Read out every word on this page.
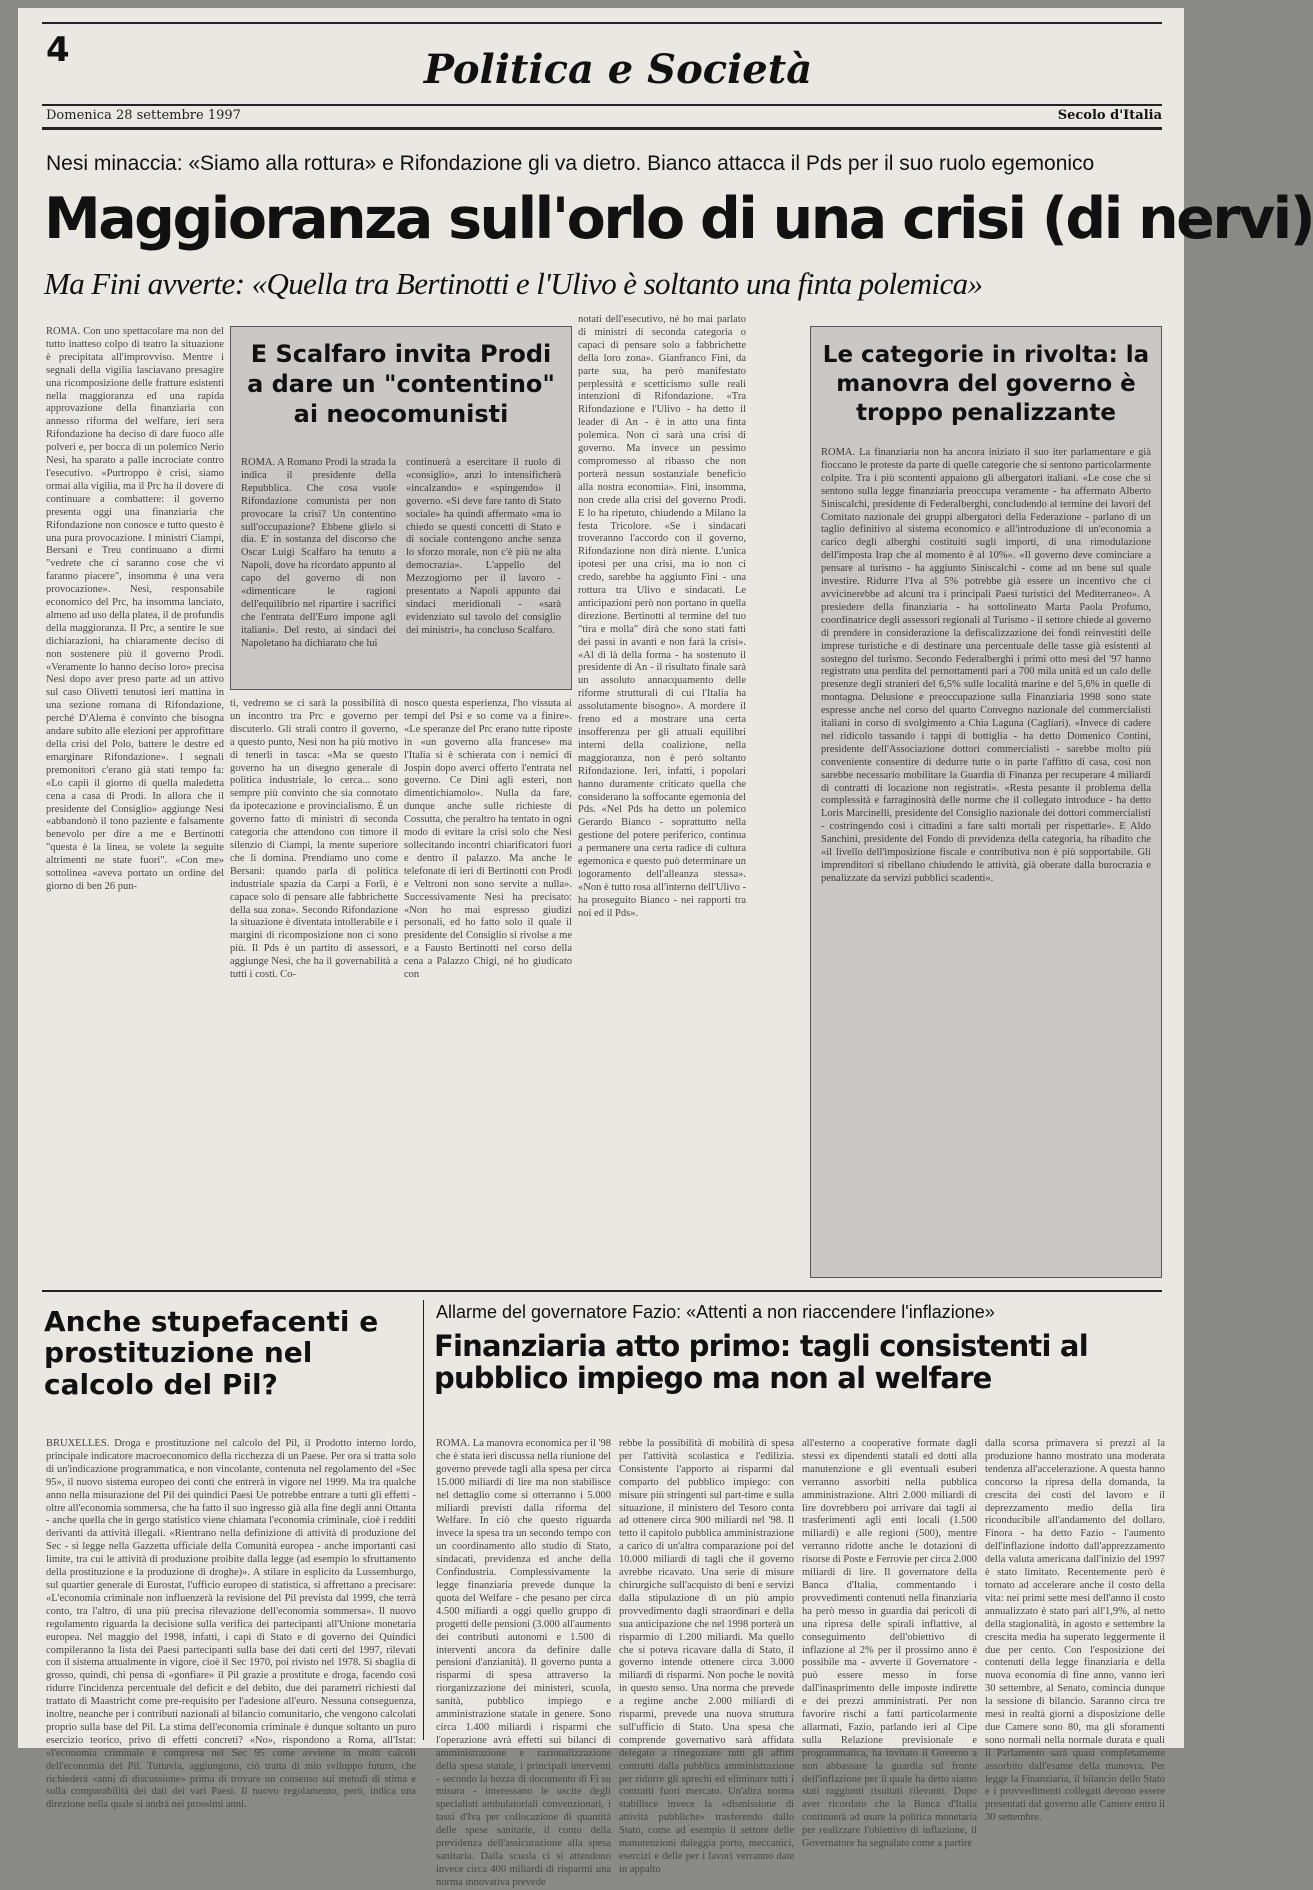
4	Politica e Società
Domenica 28 settembre 1997	Secolo d'Italia
Nesi minaccia: «Siamo alla rottura» e Rifondazione gli va dietro. Bianco attacca il Pds per il suo ruolo egemonico
Maggioranza sull'orlo di una crisi (di nervi)
Ma Fini avverte: «Quella tra Bertinotti e l'Ulivo è soltanto una finta polemica»
ROMA. Con uno spettacolare ma non del tutto inatteso colpo di teatro la situazione è precipitata all'improvviso. Mentre i segnali della vigilia lasciavano presagire una ricomposizione delle fratture esistenti nella maggioranza ed una rapida approvazione della finanziaria con annesso riforma del welfare, ieri sera Rifondazione ha deciso di dare fuoco alle polveri e, per bocca di un polemico Nerio Nesi, ha sparato a palle incrociate contro l'esecutivo. «Purtroppo è crisi, siamo ormai alla vigilia, ma il Prc ha il dovere di continuare a combattere: il governo presenta oggi una finanziaria che Rifondazione non conosce e tutto questo è una pura provocazione. I ministri Ciampi, Bersani e Treu continuano a dirmi "vedrete che ci saranno cose che vi faranno piacere", insomma è una vera provocazione». Nesi, responsabile economico del Prc, ha insomma lanciato, almeno ad uso della platea, il de profundis della maggioranza. Il Prc, a sentire le sue dichiarazioni, ha chiaramente deciso di non sostenere più il governo Prodi. «Veramente lo hanno deciso loro» precisa Nesi dopo aver preso parte ad un attivo sul caso Olivetti tenutosi ieri mattina in una sezione romana di Rifondazione, perché D'Alema è convinto che bisogna andare subito alle elezioni per approfittare della crisi del Polo, battere le destre ed emarginare Rifondazione». I segnali premonitori c'erano già stati tempo fa: «Lo capii il giorno di quella maledetta cena a casa di Prodi. In allora che il presidente del Consiglio» aggiunge Nesi «abbandonò il tono paziente e falsamente benevolo per dire a me e Bertinotti "questa è la linea, se volete la seguite altrimenti ne state fuori". «Con me» sottolinea «aveva portato un ordine del giorno di ben 26 pun-
ti, vedremo se ci sarà la possibilità di un incontro tra Prc e governo per discuterlo. Gli strali contro il governo, a questo punto, Nesi non ha più motivo di tenerli in tasca: «Ma se questo governo ha un disegno generale di politica industriale, lo cerca... sono sempre più convinto che sia connotato da ipotecazione e provincialismo. È un governo fatto di ministri di seconda categoria che attendono con timore il silenzio di Ciampi, la mente superiore che li domina. Prendiamo uno come Bersani: quando parla di politica industriale spazia da Carpi a Forlì, è capace solo di pensare alle fabbrichette della sua zona». Secondo Rifondazione la situazione è diventata intollerabile e i margini di ricomposizione non ci sono più. Il Pds è un partito di assessori, aggiunge Nesi, che ha il governabilità a tutti i costi. Co-
nosco questa esperienza, l'ho vissuta ai tempi del Psi e so come va a finire». «Le speranze del Prc erano tutte riposte in «un governo alla francese» ma l'Italia si è schierata con i nemici di Jospin dopo averci offerto l'entrata nel governo. Ce Dini agli esteri, non dimentichiamolo». Nulla da fare, dunque anche sulle richieste di Cossutta, che peraltro ha tentato in ogni modo di evitare la crisi solo che Nesi sollecitando incontri chiarificatori fuori e dentro il palazzo. Ma anche le telefonate di ieri di Bertinotti con Prodi e Veltroni non sono servite a nulla». Successivamente Nesi ha precisato: «Non ho mai espresso giudizi personali, ed ho fatto solo il quale il presidente del Consiglio si rivolse a me e a Fausto Bertinotti nel corso della cena a Palazzo Chigi, né ho giudicato con
notati dell'esecutivo, né ho mai parlato di ministri di seconda categoria o capaci di pensare solo a fabbrichette della loro zona». Gianfranco Fini, da parte sua, ha però manifestato perplessità e scetticismo sulle reali intenzioni di Rifondazione. «Tra Rifondazione e l'Ulivo - ha detto il leader di An - è in atto una finta polemica. Non ci sarà una crisi di governo. Ma invece un pessimo compromesso al ribasso che non porterà nessun sostanziale beneficio alla nostra economia». Fini, insomma, non crede alla crisi del governo Prodi. E lo ha ripetuto, chiudendo a Milano la festa Tricolore. «Se i sindacati troveranno l'accordo con il governo, Rifondazione non dirà niente. L'unica ipotesi per una crisi, ma io non ci credo, sarebbe ha aggiunto Fini - una rottura tra Ulivo e sindacati. Le anticipazioni però non portano in quella direzione. Bertinotti al termine del tuo "tira e molla" dirà che sono stati fatti dei passi in avanti e non farà la crisi». «Al di là della forma - ha sostenuto il presidente di An - il risultato finale sarà un assoluto annacquamento delle riforme strutturali di cui l'Italia ha assolutamente bisogno». A mordere il freno ed a mostrare una certa insofferenza per gli attuali equilibri interni della coalizione, nella maggioranza, non è però soltanto Rifondazione. Ieri, infatti, i popolari hanno duramente criticato quella che considerano la soffocante egemonia del Pds. «Nel Pds ha detto un polemico Gerardo Bianco - soprattutto nella gestione del potere periferico, continua a permanere una certa radice di cultura egemonica e questo può determinare un logoramento dell'alleanza stessa». «Non è tutto rosa all'interno dell'Ulivo - ha proseguito Bianco - nei rapporti tra noi ed il Pds».
E Scalfaro invita Prodi a dare un "contentino" ai neocomunisti
ROMA. A Romano Prodi la strada la indica il presidente della Repubblica. Che cosa vuole Rifondazione comunista per non provocare la crisi? Un contentino sull'occupazione? Ebbene glielo si dia. E' in sostanza del discorso che Oscar Luigi Scalfaro ha tenuto a Napoli, dove ha ricordato appunto al capo del governo di non «dimenticare le ragioni dell'equilibrio nel ripartire i sacrifici che l'entrata dell'Euro impone agli italiani». Del resto, ai sindaci dei Napoletano ha dichiarato che lui
continuerà a esercitare il ruolo di «consiglio», anzi lo intensificherà «incalzando» e «spingendo» il governo. «Si deve fare tanto di Stato sociale» ha quindi affermato «ma io chiedo se questi concetti di Stato e di sociale contengono anche senza lo sforzo morale, non c'è più ne alta democrazia». L'appello del Mezzogiorno per il lavoro - presentato a Napoli appunto dai sindaci meridionali - «sarà evidenziato sul tavolo del consiglio dei ministri», ha concluso Scalfaro.
Le categorie in rivolta: la manovra del governo è troppo penalizzante
ROMA. La finanziaria non ha ancora iniziato il suo iter parlamentare e già fioccano le proteste da parte di quelle categorie che si sentono particolarmente colpite. Tra i più scontenti appaiono gli albergatori italiani. «Le cose che si sentono sulla legge finanziaria preoccupa veramente - ha affermato Alberto Siniscalchi, presidente di Federalberghi, concludendo al termine dei lavori del Comitato nazionale dei gruppi albergatori della Federazione - parlano di un taglio definitivo al sistema economico e all'introduzione di un'economia a carico degli alberghi costituiti sugli importi, di una rimodulazione dell'imposta Irap che al momento è al 10%». «Il governo deve cominciare a pensare al turismo - ha aggiunto Siniscalchi - come ad un bene sul quale investire. Ridurre l'Iva al 5% potrebbe già essere un incentivo che ci avvicinerebbe ad alcuni tra i principali Paesi turistici del Mediterraneo». A presiedere della finanziaria - ha sottolineato Marta Paola Profumo, coordinatrice degli assessori regionali al Turismo - il settore chiede al governo di prendere in considerazione la defiscalizzazione dei fondi reinvestiti delle imprese turistiche e di destinare una percentuale delle tasse già esistenti al sostegno del turismo. Secondo Federalberghi i primi otto mesi del '97 hanno registrato una perdita del pernottamenti pari a 700 mila unità ed un calo delle presenze degli stranieri del 6,5% sulle località marine e del 5,6% in quelle di montagna. Delusione e preoccupazione sulla Finanziaria 1998 sono state espresse anche nel corso del quarto Convegno nazionale del commercialisti italiani in corso di svolgimento a Chia Laguna (Cagliari). «Invece di cadere nel ridicolo tassando i tappi di bottiglia - ha detto Domenico Contini, presidente dell'Associazione dottori commercialisti - sarebbe molto più conveniente consentire di dedurre tutte o in parte l'affitto di casa, così non sarebbe necessario mobilitare la Guardia di Finanza per recuperare 4 miliardi di contratti di locazione non registrati». «Resta pesante il problema della complessità e farraginosità delle norme che il collegato introduce - ha detto Loris Marcinelli, presidente del Consiglio nazionale dei dottori commercialisti - costringendo così i cittadini a fare salti mortali per rispettarle». E Aldo Sanchini, presidente del Fondo di previdenza della categoria, ha ribadito che «il livello dell'imposizione fiscale e contributiva non è più sopportabile. Gli imprenditori si ribellano chiudendo le attività, già oberate dalla burocrazia e penalizzate da servizi pubblici scadenti».
Anche stupefacenti e prostituzione nel calcolo del Pil?
BRUXELLES. Droga e prostituzione nel calcolo del Pil, il Prodotto interno lordo, principale indicatore macroeconomico della ricchezza di un Paese. Per ora si tratta solo di un'indicazione programmatica, e non vincolante, contenuta nel regolamento del «Sec 95», il nuovo sistema europeo dei conti che entrerà in vigore nel 1999. Ma tra qualche anno nella misurazione del Pil dei quindici Paesi Ue potrebbe entrare a tutti gli effetti - oltre all'economia sommersa, che ha fatto il suo ingresso già alla fine degli anni Ottanta - anche quella che in gergo statistico viene chiamata l'economia criminale, cioè i redditi derivanti da attività illegali. «Rientrano nella definizione di attività di produzione del Sec - si legge nella Gazzetta ufficiale della Comunità europea - anche importanti casi limite, tra cui le attività di produzione proibite dalla legge (ad esempio lo sfruttamento della prostituzione e la produzione di droghe)». A stilare in esplicito da Lussemburgo, sul quartier generale di Eurostat, l'ufficio europeo di statistica, si affrettano a precisare: «L'economia criminale non influenzerà la revisione del Pil prevista dal 1999, che terrà conto, tra l'altro, di una più precisa rilevazione dell'economia sommersa». Il nuovo regolamento riguarda la decisione sulla verifica dei partecipanti all'Unione monetaria europea. Nel maggio del 1998, infatti, i capi di Stato e di governo dei Quindici compileranno la lista dei Paesi partecipanti sulla base dei dati certi del 1997, rilevati con il sistema attualmente in vigore, cioè il Sec 1970, poi rivisto nel 1978. Si sbaglia di grosso, quindi, chi pensa di «gonfiare» il Pil grazie a prostitute e droga, facendo così ridurre l'incidenza percentuale del deficit e del debito, due dei parametri richiesti dal trattato di Maastricht come pre-requisito per l'adesione all'euro. Nessuna conseguenza, inoltre, neanche per i contributi nazionali al bilancio comunitario, che vengono calcolati proprio sulla base del Pil. La stima dell'economia criminale è dunque soltanto un puro esercizio teorico, privo di effetti concreti? «No», rispondono a Roma, all'Istat: «l'economia criminale è compresa nel Sec 95 come avviene in molti calcoli dell'economia del Pil. Tuttavia, aggiungono, ciò tratta di mio sviluppo futuro, che richiederà «anni di discussione» prima di trovare un consenso sui metodi di stima e sulla comparabilità dei dati dei vari Paesi. Il nuovo regolamento, però, indica una direzione nella quale si andrà nei prossimi anni.
Allarme del governatore Fazio: «Attenti a non riaccendere l'inflazione»
Finanziaria atto primo: tagli consistenti al pubblico impiego ma non al welfare
ROMA. La manovra economica per il '98 che è stata ieri discussa nella riunione del governo prevede tagli alla spesa per circa 15.000 miliardi di lire ma non stabilisce nel dettaglio come si otterranno i 5.000 miliardi previsti dalla riforma del Welfare. In ciò che questo riguarda invece la spesa tra un secondo tempo con un coordinamento allo studio di Stato, sindacati, previdenza ed anche della Confindustria. Complessivamente la legge finanziaria prevede dunque la quota del Welfare - che pesano per circa 4.500 miliardi a oggi quello gruppo di progetti delle pensioni (3.000 all'aumento dei contributi autonomi e 1.500 di interventi ancora da definire dalle pensioni d'anzianità). Il governo punta a risparmi di spesa attraverso la riorganizzazione dei ministeri, scuola, sanità, pubblico impiego e amministrazione statale in genere. Sono circa 1.400 miliardi i risparmi che l'operazione avrà effetti sui bilanci di amministrazione e razionalizzazione della spesa statale, i principali interventi - secondo la bozza di documento di Fi su misura - interessano le uscite degli specialisti ambulatoriali convenzionati, i tassi d'Iva per collocazione di quantità delle spese sanitarie, il conto della previdenza dell'assicurazione alla spesa sanitaria. Dalla scuola ci si attendono invece circa 400 miliardi di risparmi una norma innovativa prevede
rebbe la possibilità di mobilità di spesa per l'attività scolastica e l'edilizia. Consistente l'apporto ai risparmi dal comparto del pubblico impiego: con misure più stringenti sul part-time e sulla situazione, il ministero del Tesoro conta ad ottenere circa 900 miliardi nel '98. Il tetto il capitolo pubblica amministrazione a carico di un'altra comparazione poi del 10.000 miliardi di tagli che il governo avrebbe ricavato. Una serie di misure chirurgiche sull'acquisto di beni e servizi dalla stipulazione di un più ampio provvedimento dagli straordinari e della sua anticipazione che nel 1998 porterà un risparmio di 1.200 miliardi. Ma quello che si poteva ricavare dalla di Stato, il governo intende ottenere circa 3.000 miliardi di risparmi. Non poche le novità in questo senso. Una norma che prevede a regime anche 2.000 miliardi di risparmi, prevede una nuova struttura sull'ufficio di Stato. Una spesa che comprende governativo sarà affidata delegato a rinegoziare tutti gli affitti contratti dalla pubblica amministrazione per ridurre gli sprechi ed eliminare tutti i contratti fuori mercato. Un'altra norma stabilisce invece la «dismissione di attività pubbliche» trasferendo dallo Stato, come ad esempio il settore delle manutenzioni daleggia porto, meccanici, esercizi e delle per i lavori verranno date in appalto
all'esterno a cooperative formate dagli stessi ex dipendenti statali ed dotti alla manutenzione e gli eventuali esuberi verranno assorbiti nella pubblica amministrazione. Altri 2.000 miliardi di lire dovrebbero poi arrivare dai tagli ai trasferimenti agli enti locali (1.500 miliardi) e alle regioni (500), mentre verranno ridotte anche le dotazioni di risorse di Poste e Ferrovie per circa 2.000 miliardi di lire. Il governatore della Banca d'Italia, commentando i provvedimenti contenuti nella finanziaria ha però messo in guardia dai pericoli di una ripresa delle spirali inflattive, al conseguimento dell'obiettivo di inflazione al 2% per il prossimo anno è possibile ma - avverte il Governatore - può essere messo in forse dall'inasprimento delle imposte indirette e dei prezzi amministrati. Per non favorire rischi a fatti particolarmente allarmati, Fazio, parlando ieri al Cipe sulla Relazione previsionale e programmatica, ha invitato il Governo a non abbassare la guardia sul fronte dell'inflazione per il quale ha detto siamo stati raggiunti risultati rilevanti. Dopo aver ricordato che la Banca d'Italia continuerà ad usare la politica monetaria per realizzare l'obiettivo di inflazione, il Governatore ha segnalato come a partire
dalla scorsa primavera si prezzi al la produzione hanno mostrato una moderata tendenza all'accelerazione. A questa hanno concorso la ripresa della domanda, la crescita dei costi del lavoro e il deprezzamento medio della lira riconducibile all'andamento del dollaro. Finora - ha detto Fazio - l'aumento dell'inflazione indotto dall'apprezzamento della valuta americana dall'inizio del 1997 è stato limitato. Recentemente però è tornato ad accelerare anche il costo della vita: nei primi sette mesi dell'anno il costo annualizzato è stato pari all'1,9%, al netto della stagionalità, in agosto e settembre la crescita media ha superato leggermente il due per cento. Con l'esposizione dei contenuti della legge finanziaria e della nuova economia di fine anno, vanno ieri 30 settembre, al Senato, comincia dunque la sessione di bilancio. Saranno circa tre mesi in realtà giorni a disposizione delle due Camere sono 80, ma gli sforamenti sono normali nella normale durata e quali il Parlamento sarà quasi completamente assorbito dall'esame della manovra. Per legge la Finanziaria, il bilancio dello Stato e i provvedimenti collegati devono essere presentati dal governo alle Camere entro il 30 settembre.
